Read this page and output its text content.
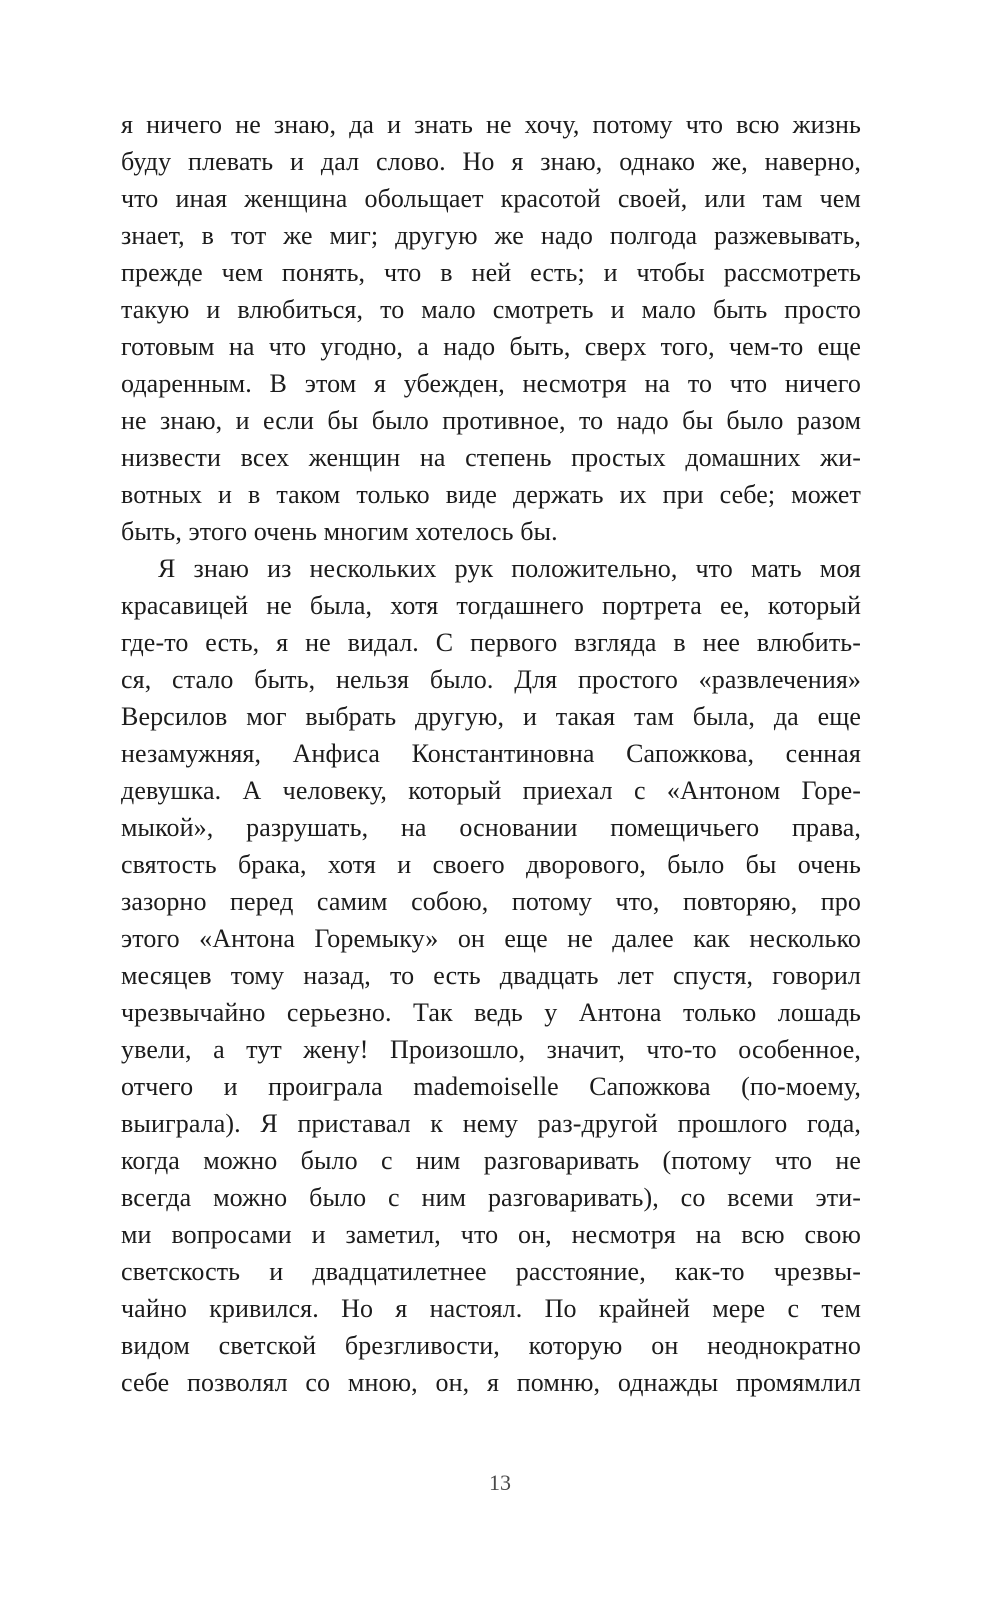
я ничего не знаю, да и знать не хочу, потому что всю жизнь
буду плевать и дал слово. Но я знаю, однако же, наверно,
что иная женщина обольщает красотой своей, или там чем
знает, в тот же миг; другую же надо полгода разжевывать,
прежде чем понять, что в ней есть; и чтобы рассмотреть
такую и влюбиться, то мало смотреть и мало быть просто
готовым на что угодно, а надо быть, сверх того, чем-то еще
одаренным. В этом я убежден, несмотря на то что ничего
не знаю, и если бы было противное, то надо бы было разом
низвести всех женщин на степень простых домашних жи-
вотных и в таком только виде держать их при себе; может
быть, этого очень многим хотелось бы.
Я знаю из нескольких рук положительно, что мать моя
красавицей не была, хотя тогдашнего портрета ее, который
где-то есть, я не видал. С первого взгляда в нее влюбить-
ся, стало быть, нельзя было. Для простого «развлечения»
Версилов мог выбрать другую, и такая там была, да еще
незамужняя, Анфиса Константиновна Сапожкова, сенная
девушка. А человеку, который приехал с «Антоном Горе-
мыкой», разрушать, на основании помещичьего права,
святость брака, хотя и своего дворового, было бы очень
зазорно перед самим собою, потому что, повторяю, про
этого «Антона Горемыку» он еще не далее как несколько
месяцев тому назад, то есть двадцать лет спустя, говорил
чрезвычайно серьезно. Так ведь у Антона только лошадь
увели, а тут жену! Произошло, значит, что-то особенное,
отчего и проиграла mademoiselle Сапожкова (по-моему,
выиграла). Я приставал к нему раз-другой прошлого года,
когда можно было с ним разговаривать (потому что не
всегда можно было с ним разговаривать), со всеми эти-
ми вопросами и заметил, что он, несмотря на всю свою
светскость и двадцатилетнее расстояние, как-то чрезвы-
чайно кривился. Но я настоял. По крайней мере с тем
видом светской брезгливости, которую он неоднократно
себе позволял со мною, он, я помню, однажды промямлил
13
